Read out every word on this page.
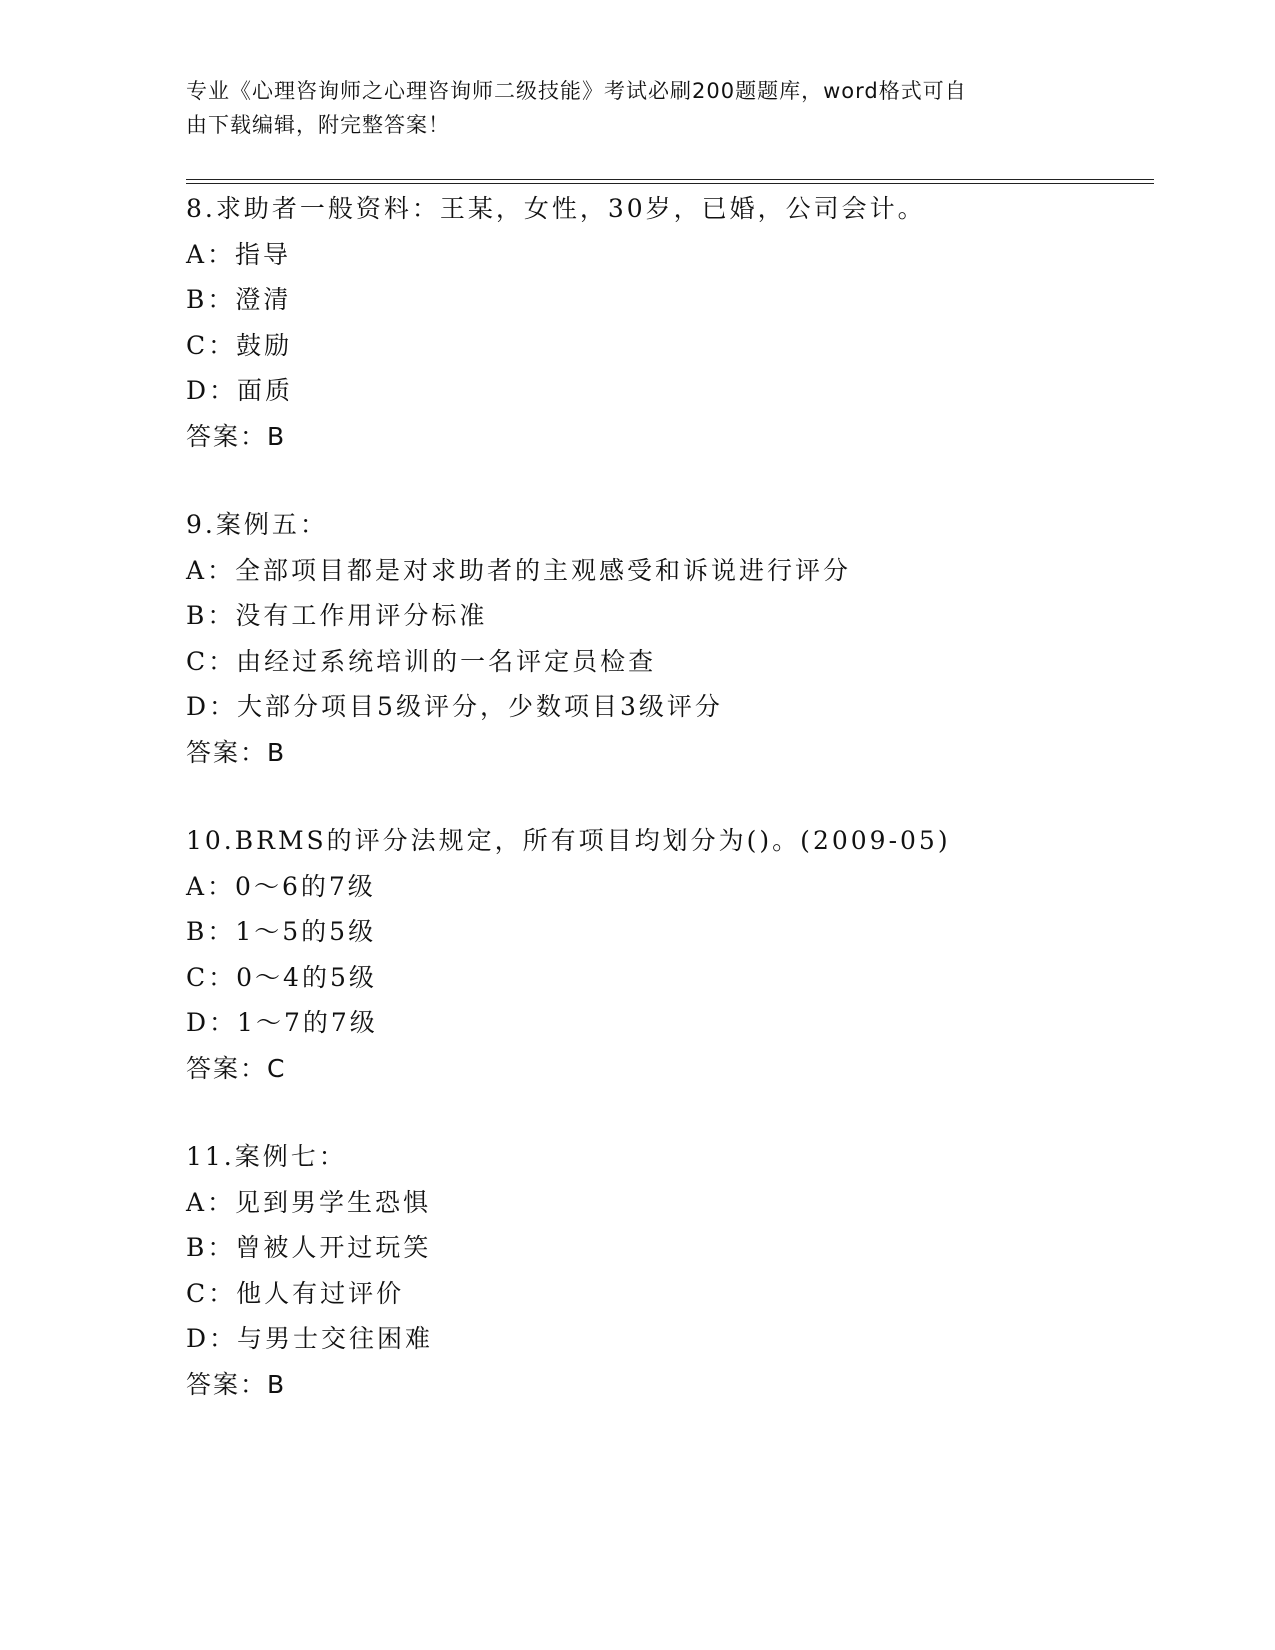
专业《心理咨询师之心理咨询师二级技能》考试必刷200题题库，word格式可自
由下载编辑，附完整答案！
8.求助者一般资料：王某，女性，30岁，已婚，公司会计。
A：指导
B：澄清
C：鼓励
D：面质
答案：B
9.案例五：
A：全部项目都是对求助者的主观感受和诉说进行评分
B：没有工作用评分标准
C：由经过系统培训的一名评定员检查
D：大部分项目5级评分，少数项目3级评分
答案：B
10.BRMS的评分法规定，所有项目均划分为()。(2009-05)
A：0～6的7级
B：1～5的5级
C：0～4的5级
D：1～7的7级
答案：C
11.案例七：
A：见到男学生恐惧
B：曾被人开过玩笑
C：他人有过评价
D：与男士交往困难
答案：B
